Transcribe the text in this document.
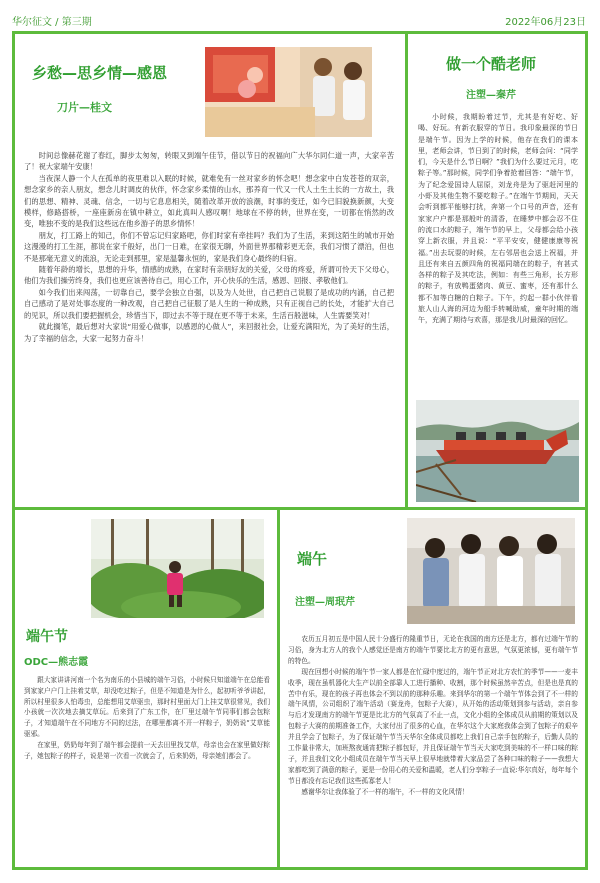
华尔征文 / 第三期	2022年06月23日
乡愁—思乡情—感恩
刀片—桂文

时间总像赫花谢了春红，脚步太匆匆，转眼又到端午佳节，借以节日的祝福向广大华尔同仁道一声，大家辛苦了！祝大家端午安康！

当夜深人静一个人在孤单的夜里难以入眠的时候，就难免有一丝对家乡的怀念吧！想念家中白发苍苍的双亲，想念家乡的亲人朋友，想念儿时调皮的伙伴，怀念家乡柔情的山水，那养育一代又一代人土生土长的一方故土，我们的思想、精神、灵魂、信念，一切与它息息相关，随着改革开放的浪潮，时事的变迁，如今已旧貌换新颜，大变模样，修路搭桥，一座座新房在镇中耕立，如此真叫人感叹啊！地球在不停的转，世界在变，一切都在悄然的改变，唯独不变的是我们这些远在他乡游子的思乡情怀！

朋友，打工路上的知己，你们不曾忘记归家路吧，你们时家有牵挂吗？我们为了生活，来到这陌生的城市开始这漫漫的打工生涯，都说在家千般好，出门一日难，在家很无聊，外面世界那精彩更无奈，我们习惯了漂泊，但也不是那毫无意义的流浪，无论走到那里，家是温馨永恒的，家是我们身心最终的归宿。

随着年龄的增长，思想的升华，情感的成熟，在家时有亲朋好友的关爱，父母的疼爱，所谓可怜天下父母心，他们为我们操劳终身，我们也更应该善待自己，用心工作，开心快乐的生活，感恩、回报、孝敬他们。

如今我们出来闯荡，一切靠自己，要学会独立自强，以及为人处世，自己把自己说服了是成功的内涵，自己把自己感动了是对处事态度的一种改观，自己把自己征服了是人生的一种成熟，只有正视自己的长处，才能扩大自己的见识，所以我们要把握机会，珍惜当下，即过去不等于现在更不等于未来，生活百般滋味，人生需要笑对！

就此搁笔，最后想对大家说“用爱心做事，以感恩的心做人”，来回报社会，让爱充满阳光，为了美好的生活，为了幸福的信念，大家一起努力奋斗！

做一个酷老师
注塑—秦芹

小时候，我期盼着过节，尤其是有好吃、好喝、好玩。有新衣服穿的节日。我印象最深的节日是端午节。因为上学的时候，他存在我们的课本里，老师会讲，节日到了的时候，老师会问：“同学们，今天是什么节日啊？”我们为什么要过元月，吃粽子等。”那时候，同学们争着抢着回答：“端午节，为了纪念爱国诗人屈原，刘龙舟是为了驱赶河里的小虾及其他生物不要吃粽子。”在端午节期间，天天会听到都平能够打扰，奔第一个口号的声音，还有家家户户都是那般叶的清香，在睡梦中都会忍不住的流口水的粽子，端午节的早上，父母都会给小孩穿上新衣服，并且说：“平平安安，健健康康等祝福。”出去玩耍的时候，左右邻居也会送上祝福，并且还有来自五颜四角的祝福同端在的粽子，有甚式各样的粽子及其吃法，例如：有些三角形，长方形的粽子，有放鸭蛋猪肉、黄豆、蜜枣，还有那什么都不加等白糖的白粽子。下午，约起一群小伙伴看旅人山人海的河边为船手转喊助威，童年时期的端午，充满了期待与欢喜，那是我儿时最深的回忆。

端午节
ODC—熊志霞

跟大家讲讲河南一个名为南乐的小县城的端午习俗，小时候只知道端午在总能看到家家户户门上挂着艾草，却没吃过粽子，但是不知道是为什么，起初听爷爷讲起，所以村里很多人怕毒虫，总能想用艾草驱虫，那时村里面大门上挂艾草很常见，我们小孩就一次次地去摘艾草玩。后来到了广东工作，在厂里过端午节同事们都会包粽子，才知道端午在不同地方不同的过法，在哪里都离不开一样粽子，奶奶说“艾草能驱邪。

在家里，奶奶每年到了端午都会提前一天去田里找艾草，母亲也会在家里做好粽子，她包粽子的样子，说是第一次看一次就会了，后来奶奶，母亲她们都会了。

端午
注塑—周珉芹

农历五月初五是中国人民十分盛行的隆重节日，无论在我国的南方还是北方，都有过端午节的习俗，身为北方人的我个人感觉还是南方的端午节要比北方的更有意思，气氛更浓郁，更有端午节的特色。

现在回想小时候的端午节一家人都是在忙碌中度过的，端午节正对北方农忙的季节——一麦丰收季，现在虽机器化大生产以前全部靠人工进行播种、收割，那个时候虽然辛苦点，但是也是真的苦中有乐，现在的孩子再也体会不到以前的那种乐趣。来到华尔的第一个端午节体会到了不一样的端午风情，公司组织了端午活动（赛龙舟，包粽子大赛），从开始的活动策划到参与活动，亲自参与后才发现南方的端午节更是比北方的气氛高了不止一点，文化小组的全体成员从前期的策划以及包粽子大赛的前期准备工作，大家付出了很多的心血，在华尔这个大家庭我体会到了包粽子的艰辛并且学会了包粽子，为了保证端午节当天华尔全体成员都吃上我们自己亲手包的粽子，后勤人员的工作量非常大，加班熬夜通宵把粽子都包好，并且保证端午节当天大家吃到美味的不一样口味的粽子，并且我们文化小组成员在端午节当天早上很早地就带着大家品尝了各种口味的粽子——我想大家都吃到了满意的粽子，更是一份用心的关爱和温暖，老人们分享粽子一直说:华尔真好，每年每个节日都没有忘记我们这些孤寡老人！

感谢华尔让我体验了不一样的端午，不一样的文化风情！
